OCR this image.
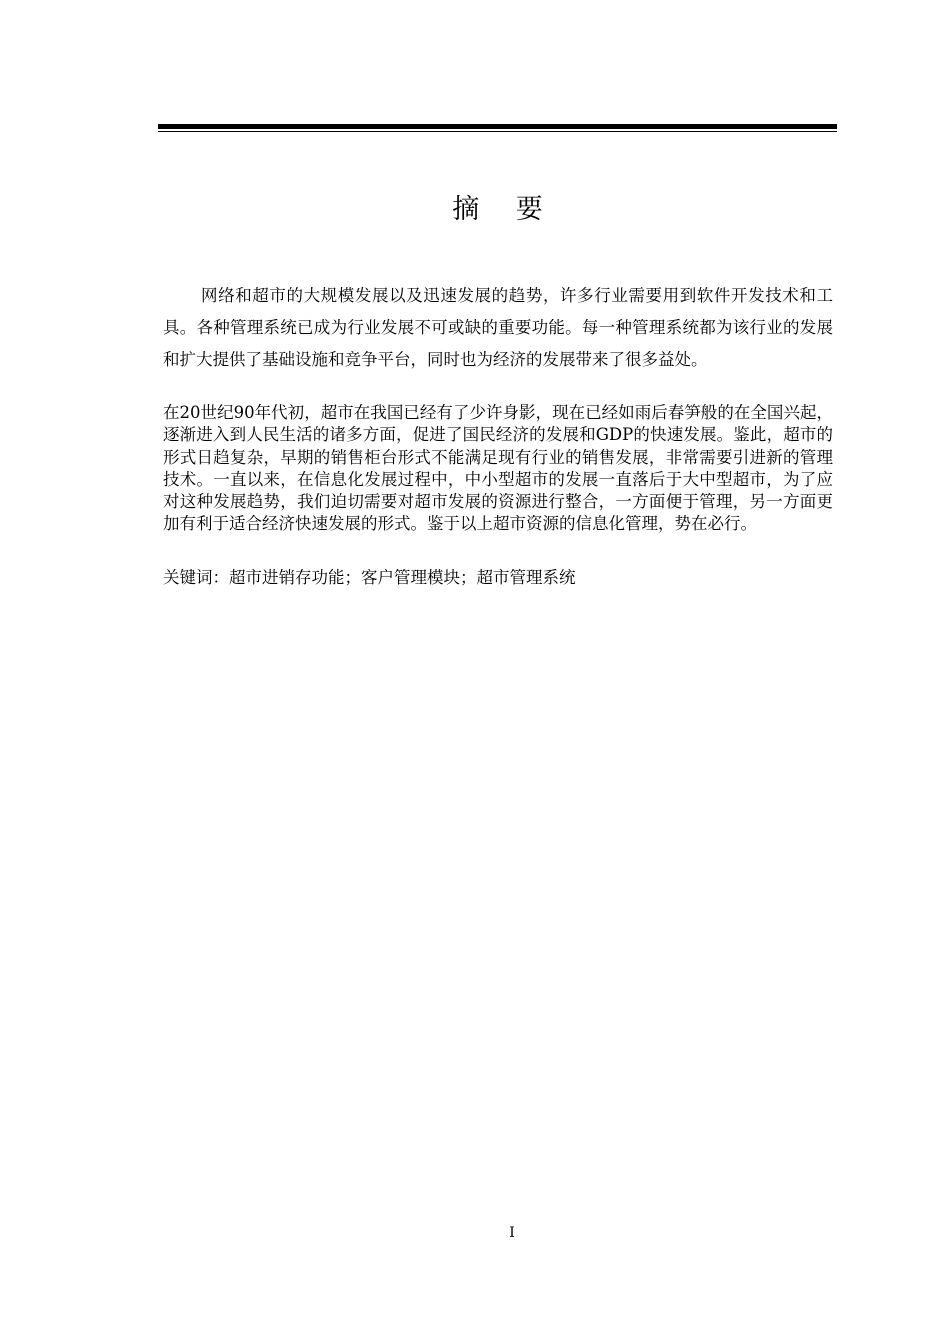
摘 要
网络和超市的大规模发展以及迅速发展的趋势，许多行业需要用到软件开发技术和工具。各种管理系统已成为行业发展不可或缺的重要功能。每一种管理系统都为该行业的发展和扩大提供了基础设施和竞争平台，同时也为经济的发展带来了很多益处。
在20世纪90年代初，超市在我国已经有了少许身影，现在已经如雨后春笋般的在全国兴起，逐渐进入到人民生活的诸多方面，促进了国民经济的发展和GDP的快速发展。鉴此，超市的形式日趋复杂，早期的销售柜台形式不能满足现有行业的销售发展，非常需要引进新的管理技术。一直以来，在信息化发展过程中，中小型超市的发展一直落后于大中型超市，为了应对这种发展趋势，我们迫切需要对超市发展的资源进行整合，一方面便于管理，另一方面更加有利于适合经济快速发展的形式。鉴于以上超市资源的信息化管理，势在必行。
关键词：超市进销存功能；客户管理模块；超市管理系统
I
